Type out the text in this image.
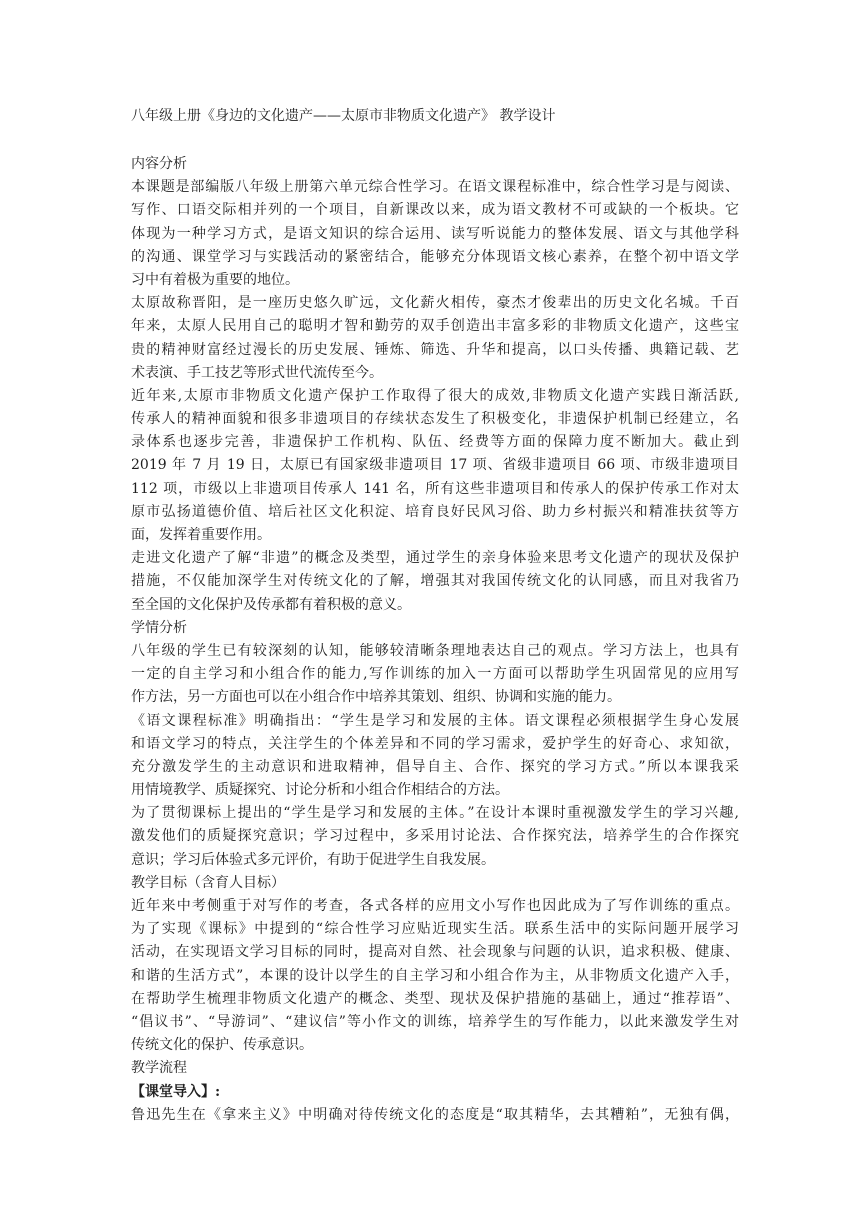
八年级上册《身边的文化遗产——太原市非物质文化遗产》 教学设计
内容分析
本课题是部编版八年级上册第六单元综合性学习。在语文课程标准中，综合性学习是与阅读、
写作、口语交际相并列的一个项目，自新课改以来，成为语文教材不可或缺的一个板块。它
体现为一种学习方式，是语文知识的综合运用、读写听说能力的整体发展、语文与其他学科
的沟通、课堂学习与实践活动的紧密结合，能够充分体现语文核心素养，在整个初中语文学
习中有着极为重要的地位。
太原故称晋阳，是一座历史悠久旷远，文化薪火相传，豪杰才俊辈出的历史文化名城。千百
年来，太原人民用自己的聪明才智和勤劳的双手创造出丰富多彩的非物质文化遗产，这些宝
贵的精神财富经过漫长的历史发展、锤炼、筛选、升华和提高，以口头传播、典籍记载、艺
术表演、手工技艺等形式世代流传至今。
近年来,太原市非物质文化遗产保护工作取得了很大的成效,非物质文化遗产实践日渐活跃,
传承人的精神面貌和很多非遗项目的存续状态发生了积极变化，非遗保护机制已经建立，名
录体系也逐步完善，非遗保护工作机构、队伍、经费等方面的保障力度不断加大。截止到
2019 年 7 月 19 日，太原已有国家级非遗项目 17 项、省级非遗项目 66 项、市级非遗项目
112 项，市级以上非遗项目传承人 141 名，所有这些非遗项目和传承人的保护传承工作对太
原市弘扬道德价值、培后社区文化积淀、培育良好民风习俗、助力乡村振兴和精准扶贫等方
面，发挥着重要作用。
走进文化遗产了解“非遗”的概念及类型，通过学生的亲身体验来思考文化遗产的现状及保护
措施，不仅能加深学生对传统文化的了解，增强其对我国传统文化的认同感，而且对我省乃
至全国的文化保护及传承都有着积极的意义。
学情分析
八年级的学生已有较深刻的认知，能够较清晰条理地表达自己的观点。学习方法上，也具有
一定的自主学习和小组合作的能力,写作训练的加入一方面可以帮助学生巩固常见的应用写
作方法，另一方面也可以在小组合作中培养其策划、组织、协调和实施的能力。
《语文课程标准》明确指出：“学生是学习和发展的主体。语文课程必须根据学生身心发展
和语文学习的特点，关注学生的个体差异和不同的学习需求，爱护学生的好奇心、求知欲，
充分激发学生的主动意识和进取精神，倡导自主、合作、探究的学习方式。”所以本课我采
用情境教学、质疑探究、讨论分析和小组合作相结合的方法。
为了贯彻课标上提出的“学生是学习和发展的主体。”在设计本课时重视激发学生的学习兴趣,
激发他们的质疑探究意识；学习过程中，多采用讨论法、合作探究法，培养学生的合作探究
意识；学习后体验式多元评价，有助于促进学生自我发展。
教学目标（含育人目标）
近年来中考侧重于对写作的考查，各式各样的应用文小写作也因此成为了写作训练的重点。
为了实现《课标》中提到的“综合性学习应贴近现实生活。联系生活中的实际问题开展学习
活动，在实现语文学习目标的同时，提高对自然、社会现象与问题的认识，追求积极、健康、
和谐的生活方式”，本课的设计以学生的自主学习和小组合作为主，从非物质文化遗产入手，
在帮助学生梳理非物质文化遗产的概念、类型、现状及保护措施的基础上，通过“推荐语”、
“倡议书”、“导游词”、“建议信”等小作文的训练，培养学生的写作能力，以此来激发学生对
传统文化的保护、传承意识。
教学流程
【课堂导入】:
鲁迅先生在《拿来主义》中明确对待传统文化的态度是“取其精华，去其糟粕”，无独有偶，
